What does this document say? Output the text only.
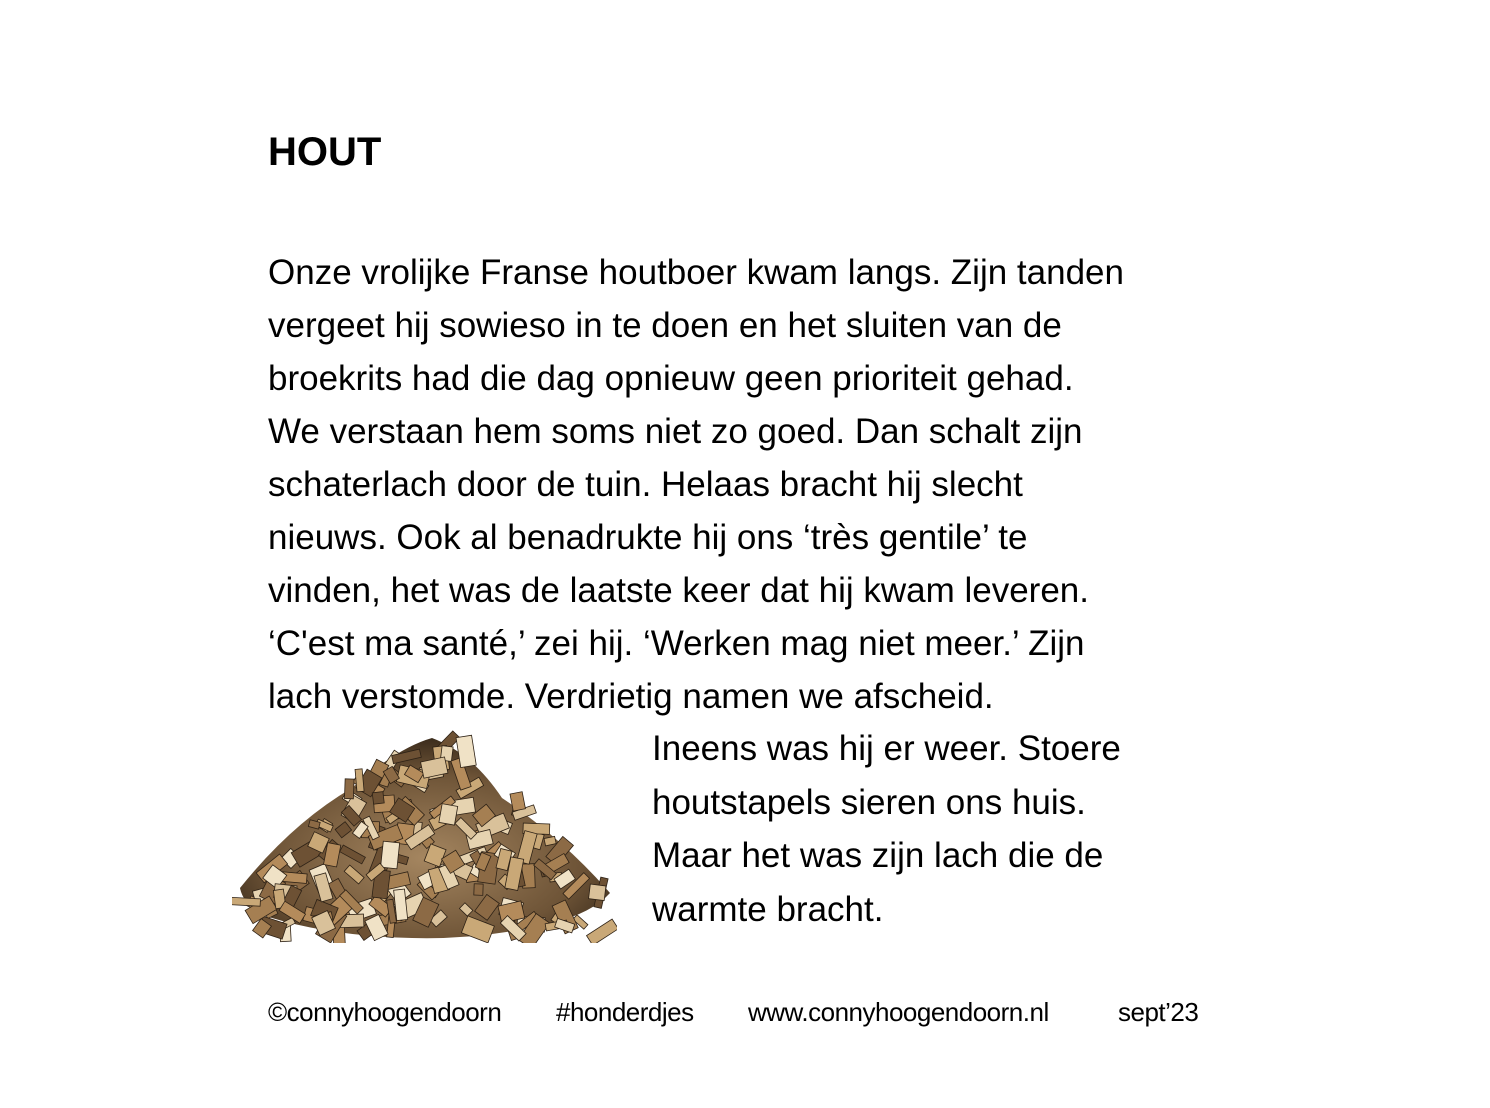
HOUT

Onze vrolijke Franse houtboer kwam langs. Zijn tanden
vergeet hij sowieso in te doen en het sluiten van de
broekrits had die dag opnieuw geen prioriteit gehad.
We verstaan hem soms niet zo goed. Dan schalt zijn
schaterlach door de tuin. Helaas bracht hij slecht
nieuws. Ook al benadrukte hij ons ‘très gentile’ te
vinden, het was de laatste keer dat hij kwam leveren.
‘C'est ma santé,’ zei hij. ‘Werken mag niet meer.’ Zijn
lach verstomde. Verdrietig namen we afscheid.

Ineens was hij er weer. Stoere
houtstapels sieren ons huis.
Maar het was zijn lach die de
warmte bracht.

©connyhoogendoorn #honderdjes www.connyhoogendoorn.nl	sept’23
